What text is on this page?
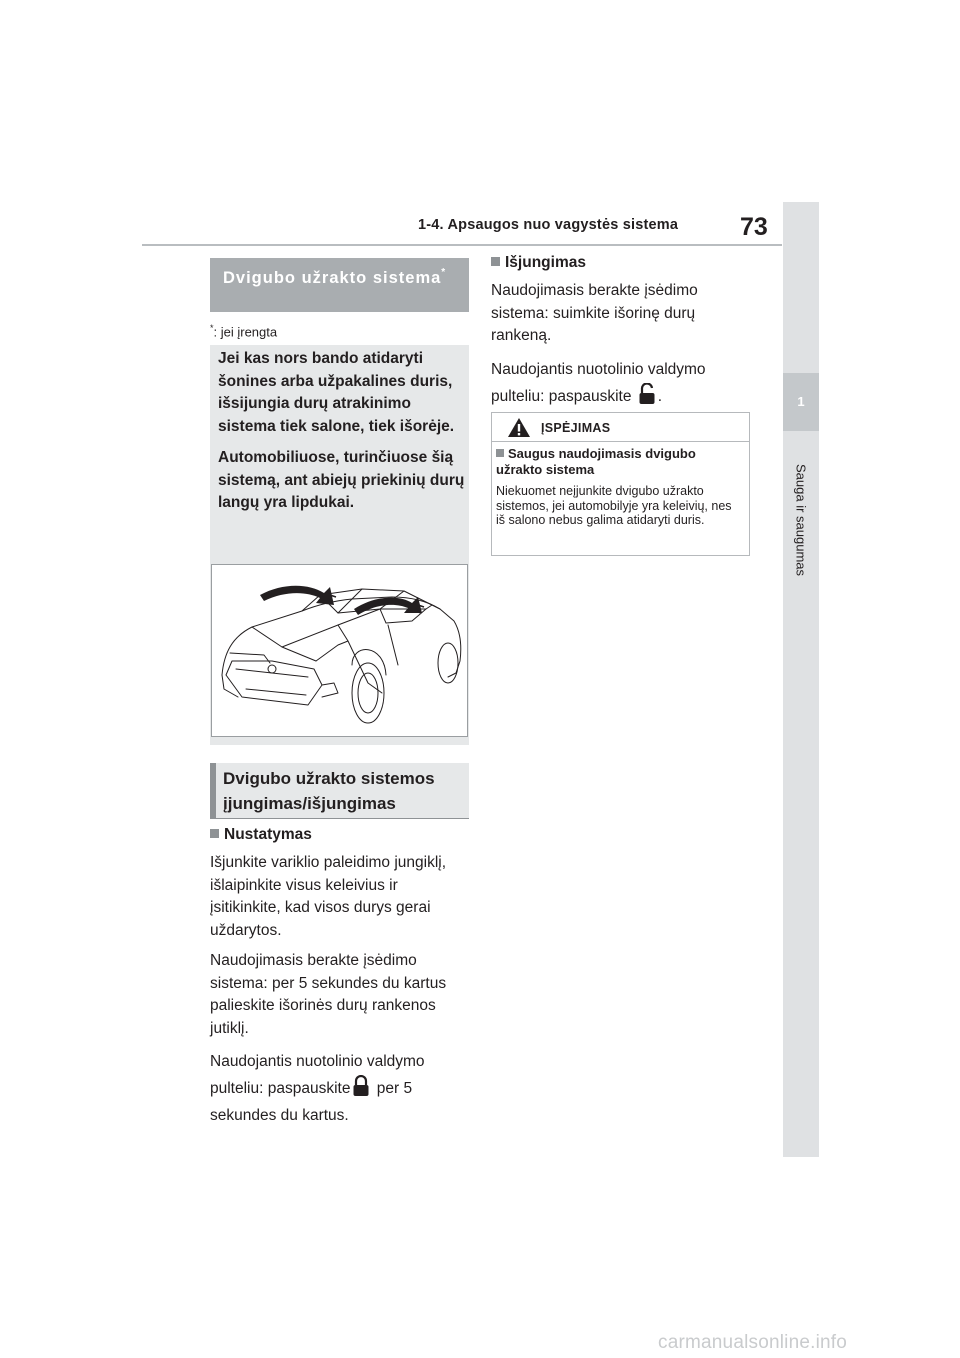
1-4. Apsaugos nuo vagystės sistema 73
1
Sauga ir saugumas
Dvigubo užrakto sistema*
*: jei įrengta

Jei kas nors bando atidaryti šonines arba užpakalines duris, išsijungia durų atrakinimo sistema tiek salone, tiek išorėje.

Automobiliuose, turinčiuose šią sistemą, ant abiejų priekinių durų langų yra lipdukai.

Dvigubo užrakto sistemos įjungimas/išjungimas
Nustatymas

Išjunkite variklio paleidimo jungiklį, išlaipinkite visus keleivius ir įsitikinkite, kad visos durys gerai uždarytos.

Naudojimasis berakte įsėdimo sistema: per 5 sekundes du kartus palieskite išorinės durų rankenos jutiklį.

Naudojantis nuotolinio valdymo pulteliu: paspauskite per 5 sekundes du kartus.

Išjungimas

Naudojimasis berakte įsėdimo sistema: suimkite išorinę durų rankeną.

Naudojantis nuotolinio valdymo pulteliu: paspauskite .

ĮSPĖJIMAS
Saugus naudojimasis dvigubo užrakto sistema
Niekuomet neįjunkite dvigubo užrakto sistemos, jei automobilyje yra keleivių, nes iš salono nebus galima atidaryti duris.
carmanualsonline.info
